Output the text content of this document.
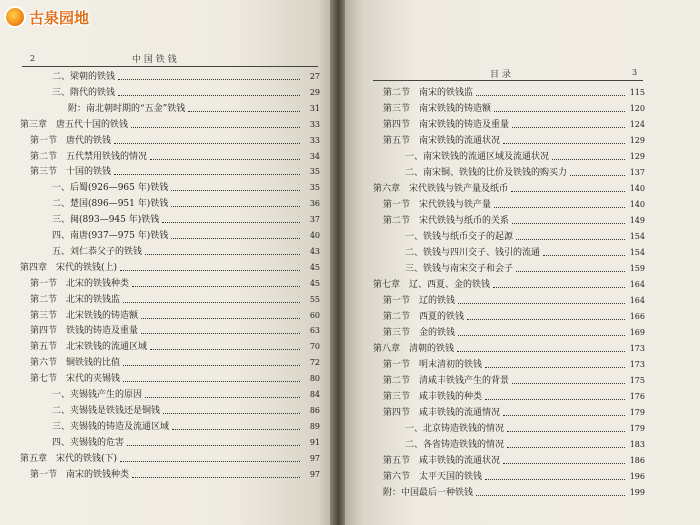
2	中 国 铁 钱
二、梁朝的铁钱	27
三、隋代的铁钱	29
附：南北朝时期的“五金”铁钱	31
第三章　唐五代十国的铁钱	33
第一节　唐代的铁钱	33
第二节　五代禁用铁钱的情况	34
第三节　十国的铁钱	35
一、后蜀(926—965 年)铁钱	35
二、楚国(896—951 年)铁钱	36
三、闽(893—945 年)铁钱	37
四、南唐(937—975 年)铁钱	40
五、刘仁恭父子的铁钱	43
第四章　宋代的铁钱(上)	45
第一节　北宋的铁钱种类	45
第二节　北宋的铁钱监	55
第三节　北宋铁钱的铸造额	60
第四节　铁钱的铸造及重量	63
第五节　北宋铁钱的流通区域	70
第六节　铜铁钱的比值	72
第七节　宋代的夹锡钱	80
一、夹锡钱产生的原因	84
二、夹锡钱是铁钱还是铜钱	86
三、夹锡钱的铸造及流通区域	89
四、夹锡钱的危害	91
第五章　宋代的铁钱(下)	97
第一节　南宋的铁钱种类	97
目 录	3
第二节　南宋的铁钱监	115
第三节　南宋铁钱的铸造额	120
第四节　南宋铁钱的铸造及重量	124
第五节　南宋铁钱的流通状况	129
一、南宋铁钱的流通区域及流通状况	129
二、南宋铜、铁钱的比价及铁钱的购买力	137
第六章　宋代铁钱与铁产量及纸币	140
第一节　宋代铁钱与铁产量	140
第二节　宋代铁钱与纸币的关系	149
一、铁钱与纸币交子的起源	154
二、铁钱与四川交子、钱引的流通	154
三、铁钱与南宋交子和会子	159
第七章　辽、西夏、金的铁钱	164
第一节　辽的铁钱	164
第二节　西夏的铁钱	166
第三节　金的铁钱	169
第八章　清朝的铁钱	173
第一节　明末清初的铁钱	173
第二节　清咸丰铁钱产生的背景	175
第三节　咸丰铁钱的种类	176
第四节　咸丰铁钱的流通情况	179
一、北京铸造铁钱的情况	179
二、各省铸造铁钱的情况	183
第五节　咸丰铁钱的流通状况	186
第六节　太平天国的铁钱	196
附：中国最后一种铁钱	199
古泉园地
